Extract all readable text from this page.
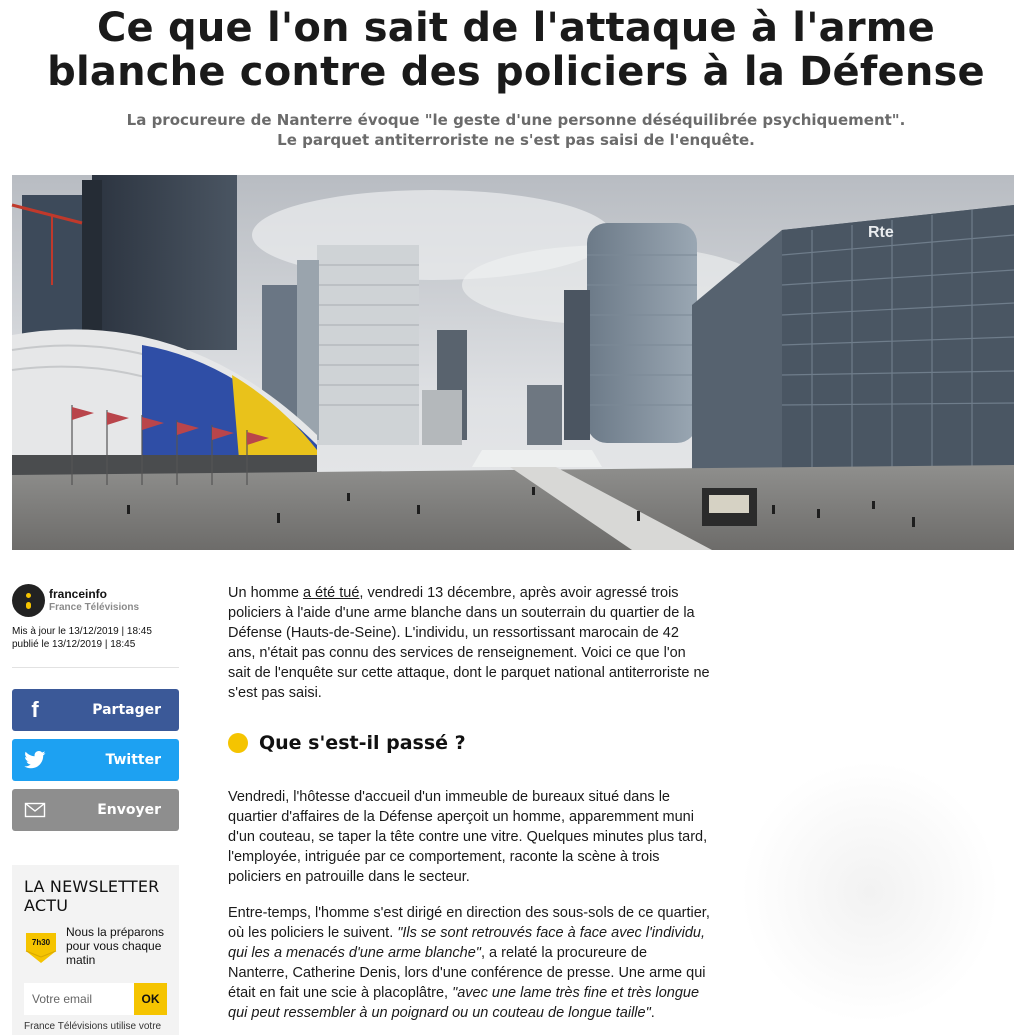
Ce que l'on sait de l'attaque à l'arme
blanche contre des policiers à la Défense

La procureure de Nanterre évoque "le geste d'une personne déséquilibrée psychiquement".
Le parquet antiterroriste ne s'est pas saisi de l'enquête.

Rte
franceinfo
France Télévisions
Mis à jour le 13/12/2019 | 18:45
publié le 13/12/2019 | 18:45
f	Partager
Twitter
Envoyer
LA NEWSLETTER
ACTU
7h30
Nous la préparons pour vous chaque matin
Votre email
OK
France Télévisions utilise votre

Un homme a été tué, vendredi 13 décembre, après avoir agressé trois policiers à l'aide d'une arme blanche dans un souterrain du quartier de la Défense (Hauts-de-Seine). L'individu, un ressortissant marocain de 42 ans, n'était pas connu des services de renseignement. Voici ce que l'on sait de l'enquête sur cette attaque, dont le parquet national antiterroriste ne s'est pas saisi.

Que s'est-il passé ?

Vendredi, l'hôtesse d'accueil d'un immeuble de bureaux situé dans le quartier d'affaires de la Défense aperçoit un homme, apparemment muni d'un couteau, se taper la tête contre une vitre. Quelques minutes plus tard, l'employée, intriguée par ce comportement, raconte la scène à trois policiers en patrouille dans le secteur.

Entre-temps, l'homme s'est dirigé en direction des sous-sols de ce quartier, où les policiers le suivent. "Ils se sont retrouvés face à face avec l'individu, qui les a menacés d'une arme blanche", a relaté la procureure de Nanterre, Catherine Denis, lors d'une conférence de presse. Une arme qui était en fait une scie à placoplâtre, "avec une lame très fine et très longue qui peut ressembler à un poignard ou un couteau de longue taille".
